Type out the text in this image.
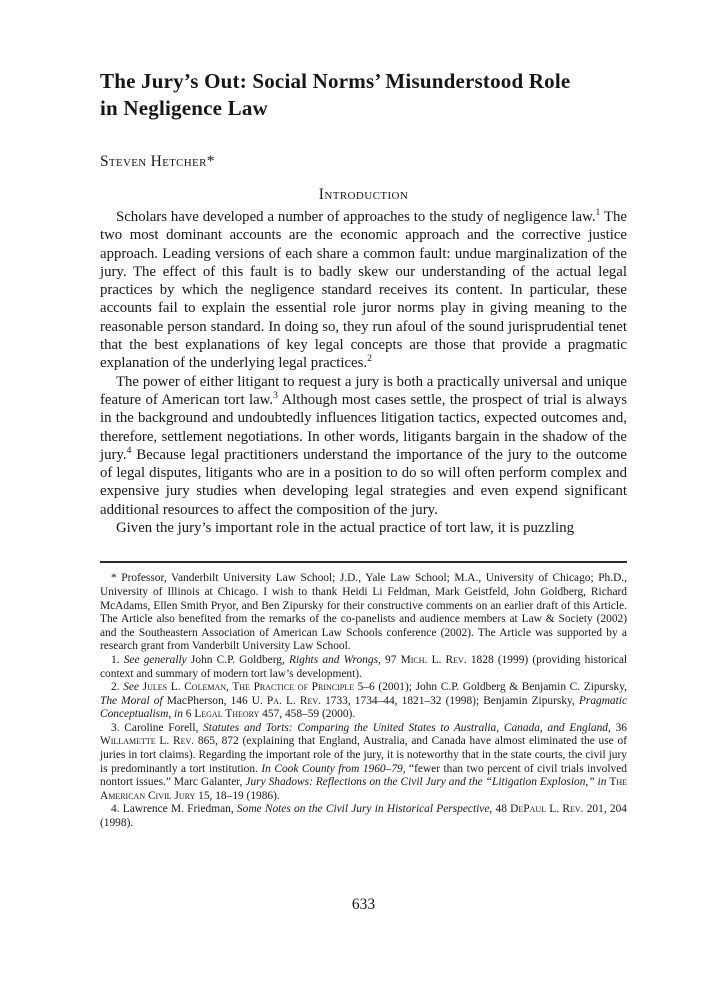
The Jury’s Out: Social Norms’ Misunderstood Role
in Negligence Law
Steven Hetcher*
Introduction

Scholars have developed a number of approaches to the study of negligence law.$^1$ The two most dominant accounts are the economic approach and the corrective justice approach. Leading versions of each share a common fault: undue marginalization of the jury. The effect of this fault is to badly skew our understanding of the actual legal practices by which the negligence standard receives its content. In particular, these accounts fail to explain the essential role juror norms play in giving meaning to the reasonable person standard. In doing so, they run afoul of the sound jurisprudential tenet that the best explanations of key legal concepts are those that provide a pragmatic explanation of the underlying legal practices.$^2$

The power of either litigant to request a jury is both a practically universal and unique feature of American tort law.$^3$ Although most cases settle, the prospect of trial is always in the background and undoubtedly influences litigation tactics, expected outcomes and, therefore, settlement negotiations. In other words, litigants bargain in the shadow of the jury.$^4$ Because legal practitioners understand the importance of the jury to the outcome of legal disputes, litigants who are in a position to do so will often perform complex and expensive jury studies when developing legal strategies and even expend significant additional resources to affect the composition of the jury.

Given the jury’s important role in the actual practice of tort law, it is puzzling

* Professor, Vanderbilt University Law School; J.D., Yale Law School; M.A., University of Chicago; Ph.D., University of Illinois at Chicago. I wish to thank Heidi Li Feldman, Mark Geistfeld, John Goldberg, Richard McAdams, Ellen Smith Pryor, and Ben Zipursky for their constructive comments on an earlier draft of this Article. The Article also benefited from the remarks of the co-panelists and audience members at Law & Society (2002) and the Southeastern Association of American Law Schools conference (2002). The Article was supported by a research grant from Vanderbilt University Law School.

1. See generally John C.P. Goldberg, Rights and Wrongs, 97 Mich. L. Rev. 1828 (1999) (providing historical context and summary of modern tort law’s development).

2. See Jules L. Coleman, The Practice of Principle 5–6 (2001); John C.P. Goldberg & Benjamin C. Zipursky, The Moral of MacPherson, 146 U. Pa. L. Rev. 1733, 1734–44, 1821–32 (1998); Benjamin Zipursky, Pragmatic Conceptualism, in 6 Legal Theory 457, 458–59 (2000).

3. Caroline Forell, Statutes and Torts: Comparing the United States to Australia, Canada, and England, 36 Willamette L. Rev. 865, 872 (explaining that England, Australia, and Canada have almost eliminated the use of juries in tort claims). Regarding the important role of the jury, it is noteworthy that in the state courts, the civil jury is predominantly a tort institution. In Cook County from 1960–79, “fewer than two percent of civil trials involved nontort issues.” Marc Galanter, Jury Shadows: Reflections on the Civil Jury and the “Litigation Explosion,” in The American Civil Jury 15, 18–19 (1986).

4. Lawrence M. Friedman, Some Notes on the Civil Jury in Historical Perspective, 48 DePaul L. Rev. 201, 204 (1998).

633
